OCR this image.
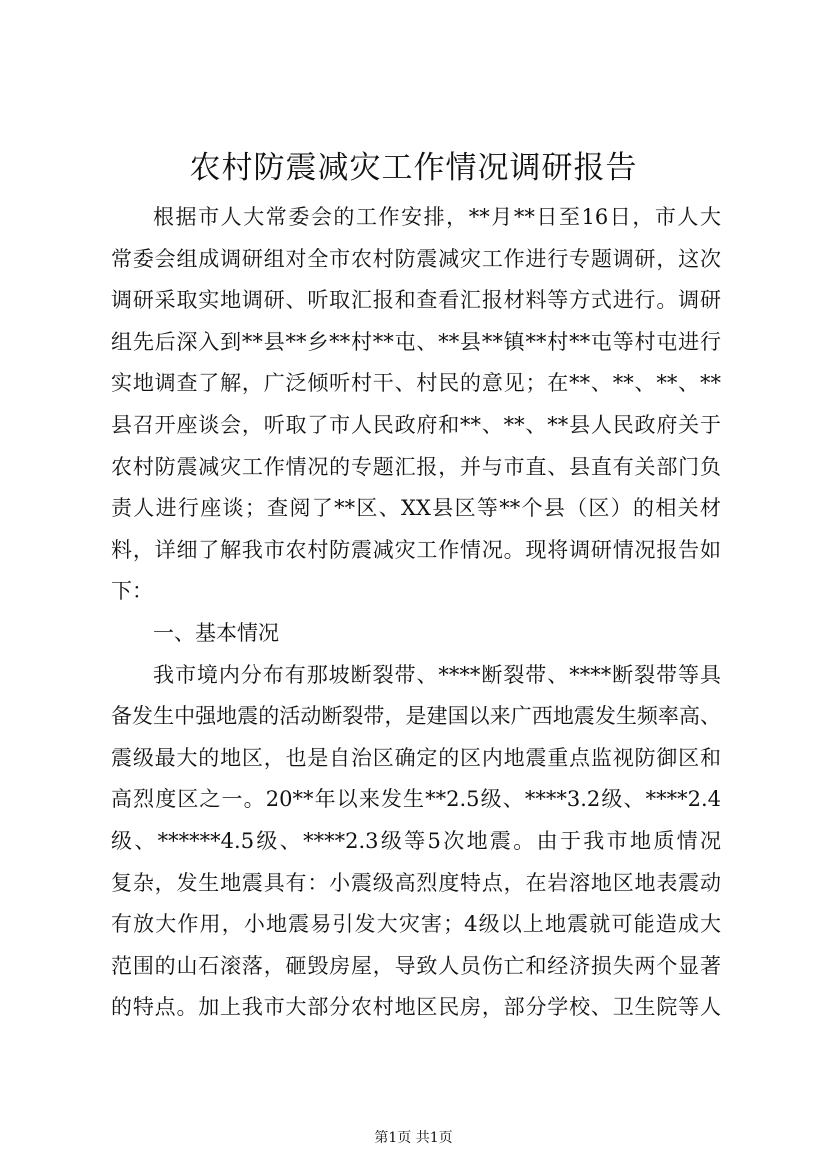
农村防震减灾工作情况调研报告
根据市人大常委会的工作安排，**月**日至16日，市人大
常委会组成调研组对全市农村防震减灾工作进行专题调研，这次
调研采取实地调研、听取汇报和查看汇报材料等方式进行。调研
组先后深入到**县**乡**村**屯、**县**镇**村**屯等村屯进行
实地调查了解，广泛倾听村干、村民的意见；在**、**、**、**
县召开座谈会，听取了市人民政府和**、**、**县人民政府关于
农村防震减灾工作情况的专题汇报，并与市直、县直有关部门负
责人进行座谈；查阅了**区、XX县区等**个县（区）的相关材
料，详细了解我市农村防震减灾工作情况。现将调研情况报告如
下：
一、基本情况
我市境内分布有那坡断裂带、****断裂带、****断裂带等具
备发生中强地震的活动断裂带，是建国以来广西地震发生频率高、
震级最大的地区，也是自治区确定的区内地震重点监视防御区和
高烈度区之一。20**年以来发生**2.5级、****3.2级、****2.4
级、******4.5级、****2.3级等5次地震。由于我市地质情况
复杂，发生地震具有：小震级高烈度特点，在岩溶地区地表震动
有放大作用，小地震易引发大灾害；4级以上地震就可能造成大
范围的山石滚落，砸毁房屋，导致人员伤亡和经济损失两个显著
的特点。加上我市大部分农村地区民房，部分学校、卫生院等人
第1页 共1页
